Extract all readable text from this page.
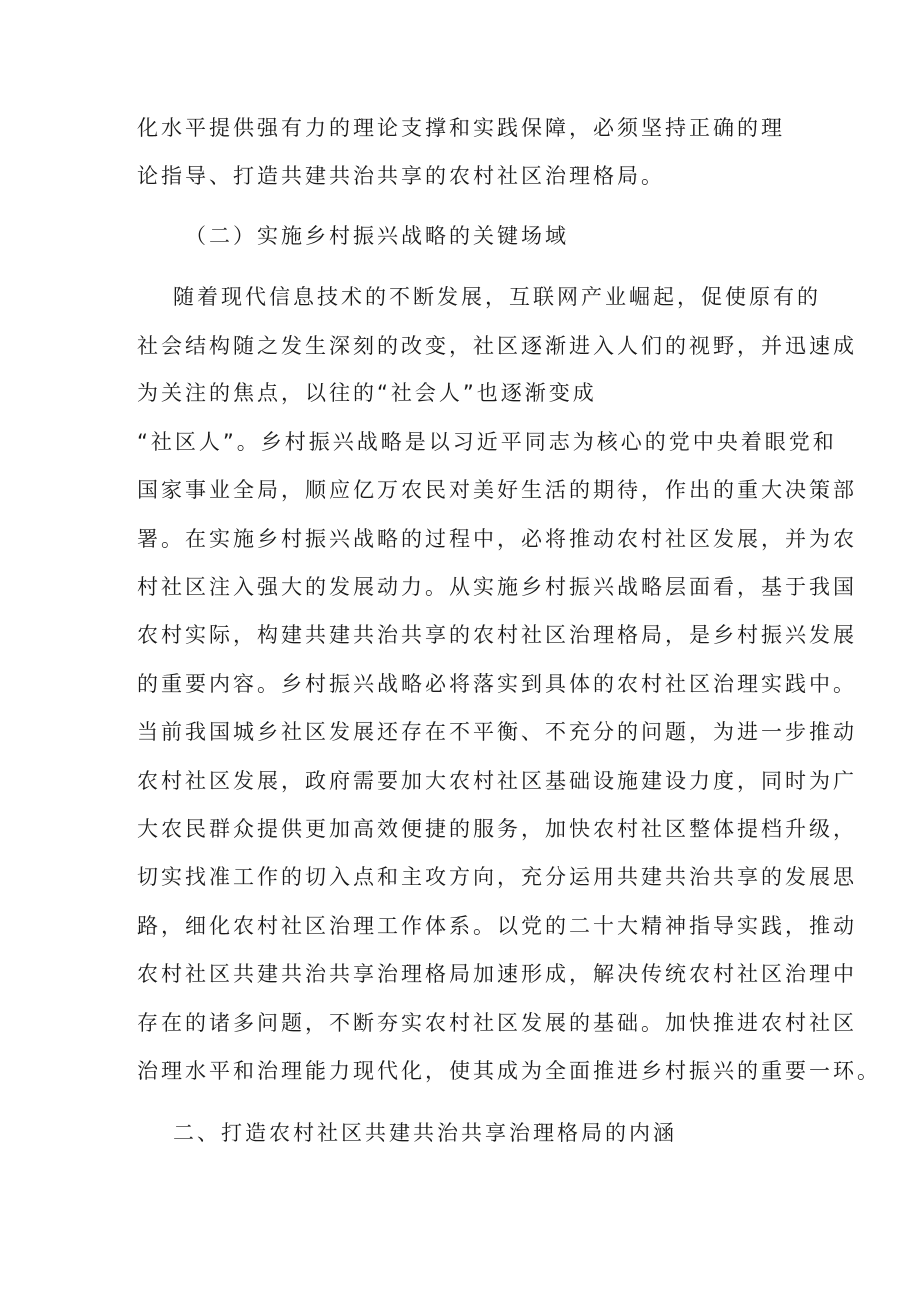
化水平提供强有力的理论支撑和实践保障，必须坚持正确的理
论指导、打造共建共治共享的农村社区治理格局。
（二）实施乡村振兴战略的关键场域
随着现代信息技术的不断发展，互联网产业崛起，促使原有的
社会结构随之发生深刻的改变，社区逐渐进入人们的视野，并迅速成
为关注的焦点，以往的“社会人”也逐渐变成
“社区人”。乡村振兴战略是以习近平同志为核心的党中央着眼党和
国家事业全局，顺应亿万农民对美好生活的期待，作出的重大决策部
署。在实施乡村振兴战略的过程中，必将推动农村社区发展，并为农
村社区注入强大的发展动力。从实施乡村振兴战略层面看，基于我国
农村实际，构建共建共治共享的农村社区治理格局，是乡村振兴发展
的重要内容。乡村振兴战略必将落实到具体的农村社区治理实践中。
当前我国城乡社区发展还存在不平衡、不充分的问题，为进一步推动
农村社区发展，政府需要加大农村社区基础设施建设力度，同时为广
大农民群众提供更加高效便捷的服务，加快农村社区整体提档升级，
切实找准工作的切入点和主攻方向，充分运用共建共治共享的发展思
路，细化农村社区治理工作体系。以党的二十大精神指导实践，推动
农村社区共建共治共享治理格局加速形成，解决传统农村社区治理中
存在的诸多问题，不断夯实农村社区发展的基础。加快推进农村社区
治理水平和治理能力现代化，使其成为全面推进乡村振兴的重要一环。
二、打造农村社区共建共治共享治理格局的内涵
